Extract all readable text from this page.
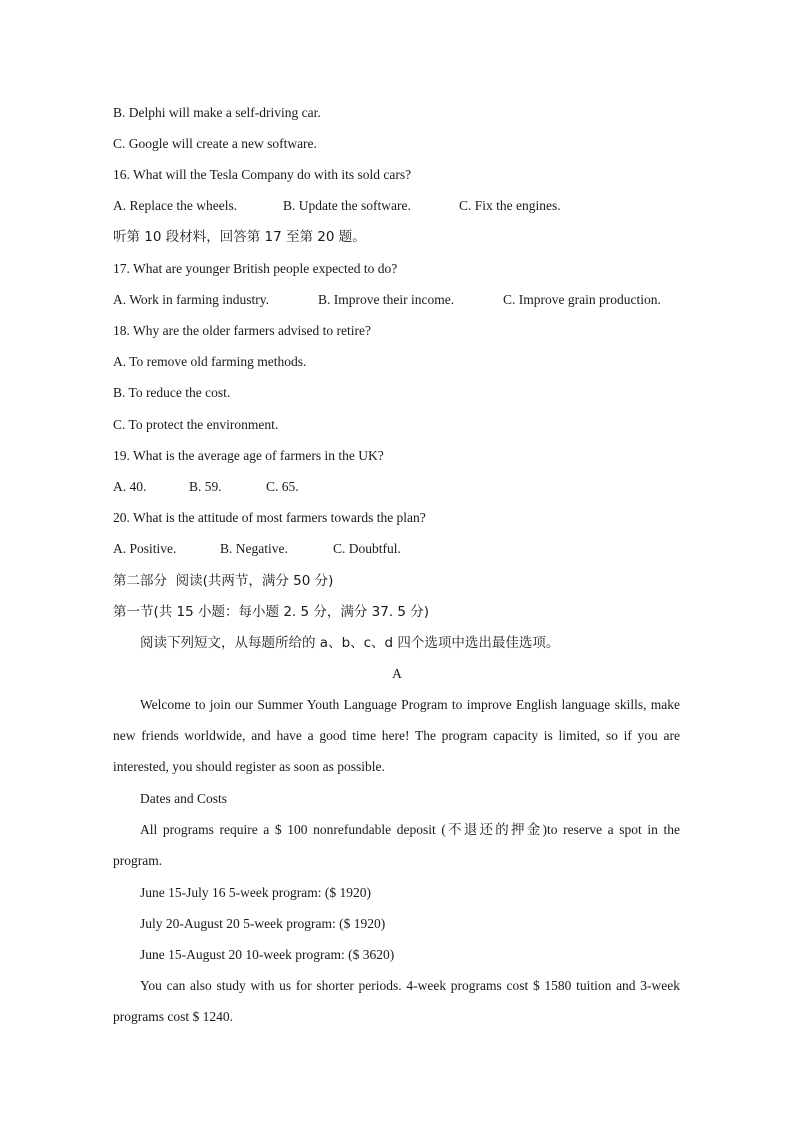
B. Delphi will make a self-driving car.
C. Google will create a new software.
16. What will the Tesla Company do with its sold cars?
A. Replace the wheels.	B. Update the software.	C. Fix the engines.
听第 10 段材料，回答第 17 至第 20 题。
17. What are younger British people expected to do?
A. Work in farming industry.	B. Improve their income.	C. Improve grain production.
18. Why are the older farmers advised to retire?
A. To remove old farming methods.
B. To reduce the cost.
C. To protect the environment.
19. What is the average age of farmers in the UK?
A. 40.	B. 59.	C. 65.
20. What is the attitude of most farmers towards the plan?
A. Positive.	B. Negative.	C. Doubtful.
第二部分  阅读(共两节，满分 50 分)
第一节(共 15 小题：每小题 2. 5 分，满分 37. 5 分)
阅读下列短文，从每题所给的 a、b、c、d 四个选项中选出最佳选项。
A
Welcome to join our Summer Youth Language Program to improve English language skills, make new friends worldwide, and have a good time here! The program capacity is limited, so if you are interested, you should register as soon as possible.
Dates and Costs
All programs require a $ 100 nonrefundable deposit (不退还的押金)to reserve a spot in the program.
June 15-July 16 5-week program: ($ 1920)
July 20-August 20 5-week program: ($ 1920)
June 15-August 20 10-week program: ($ 3620)
You can also study with us for shorter periods. 4-week programs cost $ 1580 tuition and 3-week programs cost $ 1240.
